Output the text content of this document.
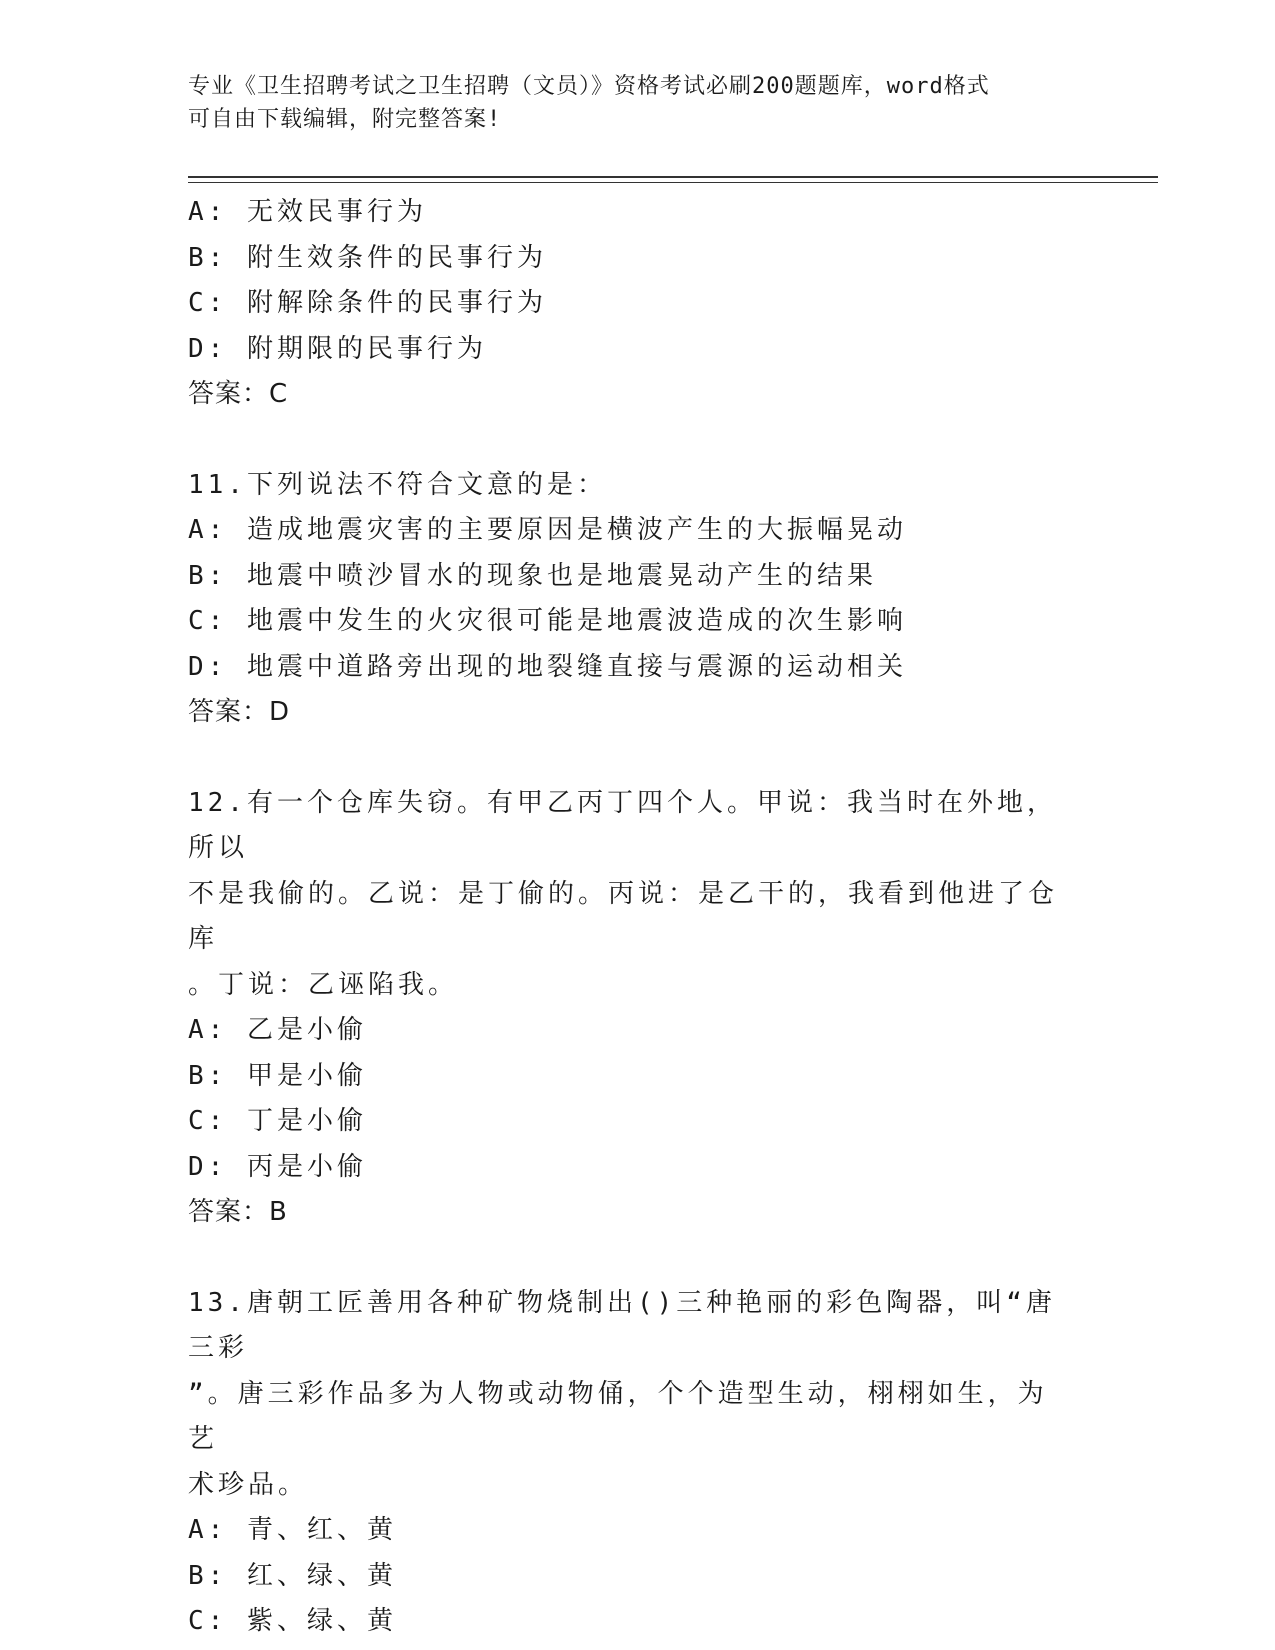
专业《卫生招聘考试之卫生招聘（文员）》资格考试必刷200题题库，word格式
可自由下载编辑，附完整答案!
A: 无效民事行为
B: 附生效条件的民事行为
C: 附解除条件的民事行为
D: 附期限的民事行为
答案：C
11.下列说法不符合文意的是：
A: 造成地震灾害的主要原因是横波产生的大振幅晃动
B: 地震中喷沙冒水的现象也是地震晃动产生的结果
C: 地震中发生的火灾很可能是地震波造成的次生影响
D: 地震中道路旁出现的地裂缝直接与震源的运动相关
答案：D
12.有一个仓库失窃。有甲乙丙丁四个人。甲说：我当时在外地，所以
不是我偷的。乙说：是丁偷的。丙说：是乙干的，我看到他进了仓库
。丁说：乙诬陷我。
A: 乙是小偷
B: 甲是小偷
C: 丁是小偷
D: 丙是小偷
答案：B
13.唐朝工匠善用各种矿物烧制出()三种艳丽的彩色陶器，叫“唐三彩
”。唐三彩作品多为人物或动物俑，个个造型生动，栩栩如生，为艺
术珍品。
A: 青、红、黄
B: 红、绿、黄
C: 紫、绿、黄
